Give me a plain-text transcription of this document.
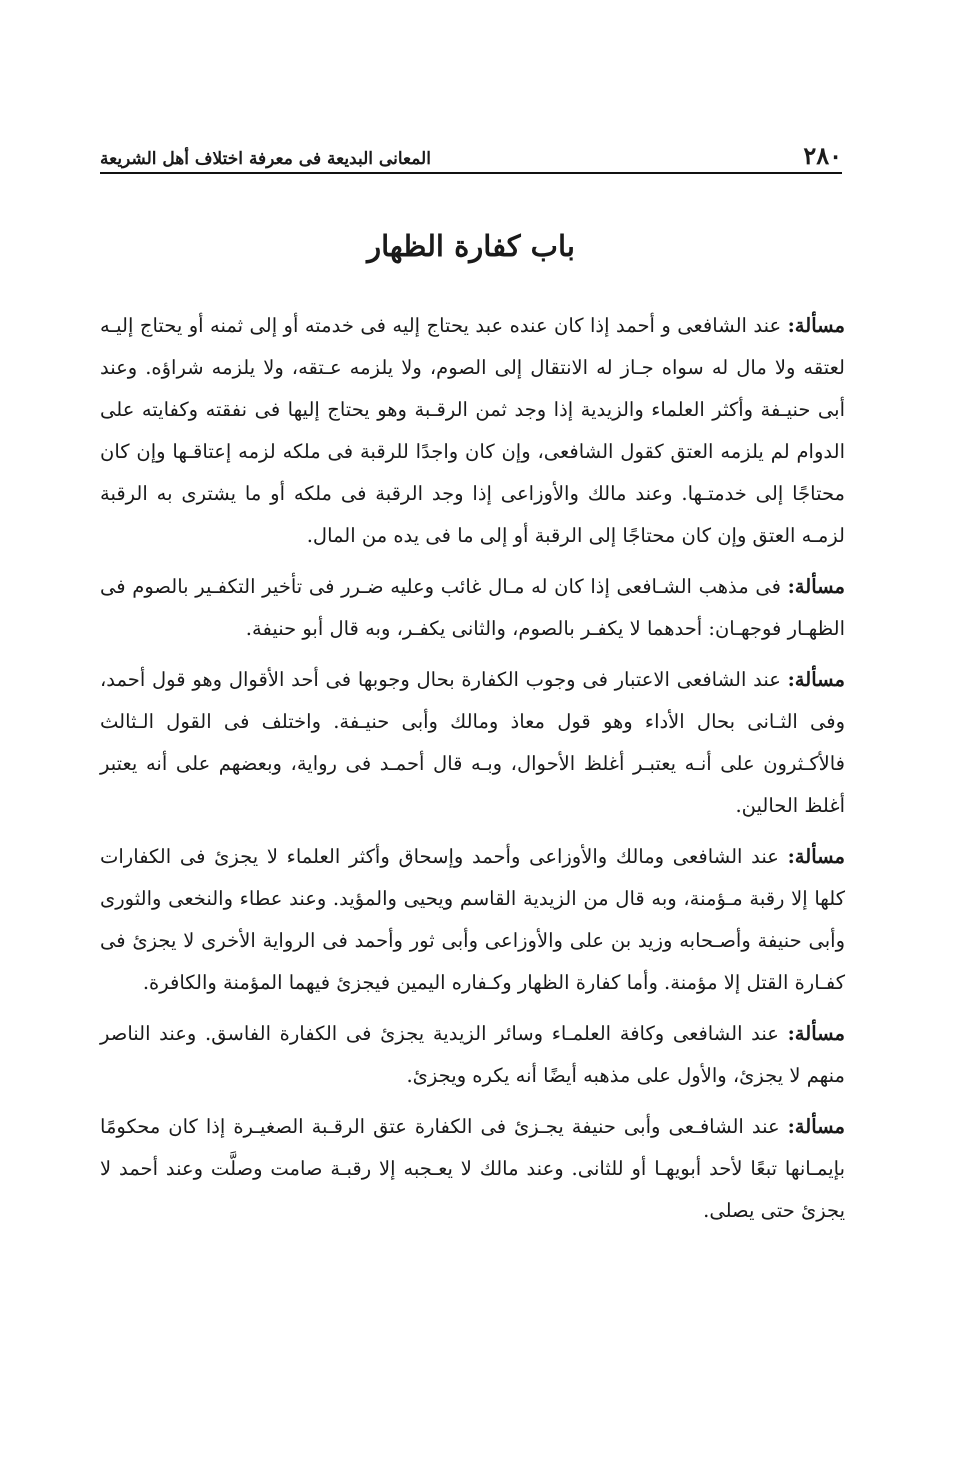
٢٨٠
المعانى البديعة فى معرفة اختلاف أهل الشريعة
باب كفارة الظهار

مسألة: عند الشافعى و أحمد إذا كان عنده عبد يحتاج إليه فى خدمته أو إلى ثمنه أو يحتاج إليـه لعتقه ولا مال له سواه جـاز له الانتقال إلى الصوم، ولا يلزمه عـتقه، ولا يلزمه شراؤه. وعند أبى حنيـفة وأكثر العلماء والزيدية إذا وجد ثمن الرقـبة وهو يحتاج إليها فى نفقته وكفايته على الدوام لم يلزمه العتق كقول الشافعى، وإن كان واجدًا للرقبة فى ملكه لزمه إعتاقـها وإن كان محتاجًا إلى خدمتـها. وعند مالك والأوزاعى إذا وجد الرقبة فى ملكه أو ما يشترى به الرقبة لزمـه العتق وإن كان محتاجًا إلى الرقبة أو إلى ما فى يده من المال.

مسألة: فى مذهب الشـافعى إذا كان له مـال غائب وعليه ضـرر فى تأخير التكفـير بالصوم فى الظهـار فوجهـان: أحدهما لا يكفـر بالصوم، والثانى يكفـر، وبه قال أبو حنيفة.

مسألة: عند الشافعى الاعتبار فى وجوب الكفارة بحال وجوبها فى أحد الأقوال وهو قول أحمد، وفى الثـانى بحال الأداء وهو قول معاذ ومالك وأبى حنيـفة. واختلف فى القول الـثالث فالأكـثرون على أنـه يعتبـر أغلظ الأحوال، وبـه قال أحمـد فى رواية، وبعضهم على أنه يعتبر أغلظ الحالين.

مسألة: عند الشافعى ومالك والأوزاعى وأحمد وإسحاق وأكثر العلماء لا يجزئ فى الكفارات كلها إلا رقبة مـؤمنة، وبه قال من الزيدية القاسم ويحيى والمؤيد. وعند عطاء والنخعى والثورى وأبى حنيفة وأصـحابه وزيد بن على والأوزاعى وأبى ثور وأحمد فى الرواية الأخرى لا يجزئ فى كفـارة القتل إلا مؤمنة. وأما كفارة الظهار وكـفاره اليمين فيجزئ فيهما المؤمنة والكافرة.

مسألة: عند الشافعى وكافة العلمـاء وسائر الزيدية يجزئ فى الكفارة الفاسق. وعند الناصر منهم لا يجزئ، والأول على مذهبه أيضًا أنه يكره ويجزئ.

مسألة: عند الشافـعى وأبى حنيفة يجـزئ فى الكفارة عتق الرقـبة الصغيـرة إذا كان محكومًا بإيمـانها تبعًا لأحد أبويهـا أو للثانى. وعند مالك لا يعـجبه إلا رقبـة صامت وصلَّت وعند أحمد لا يجزئ حتى يصلى.
